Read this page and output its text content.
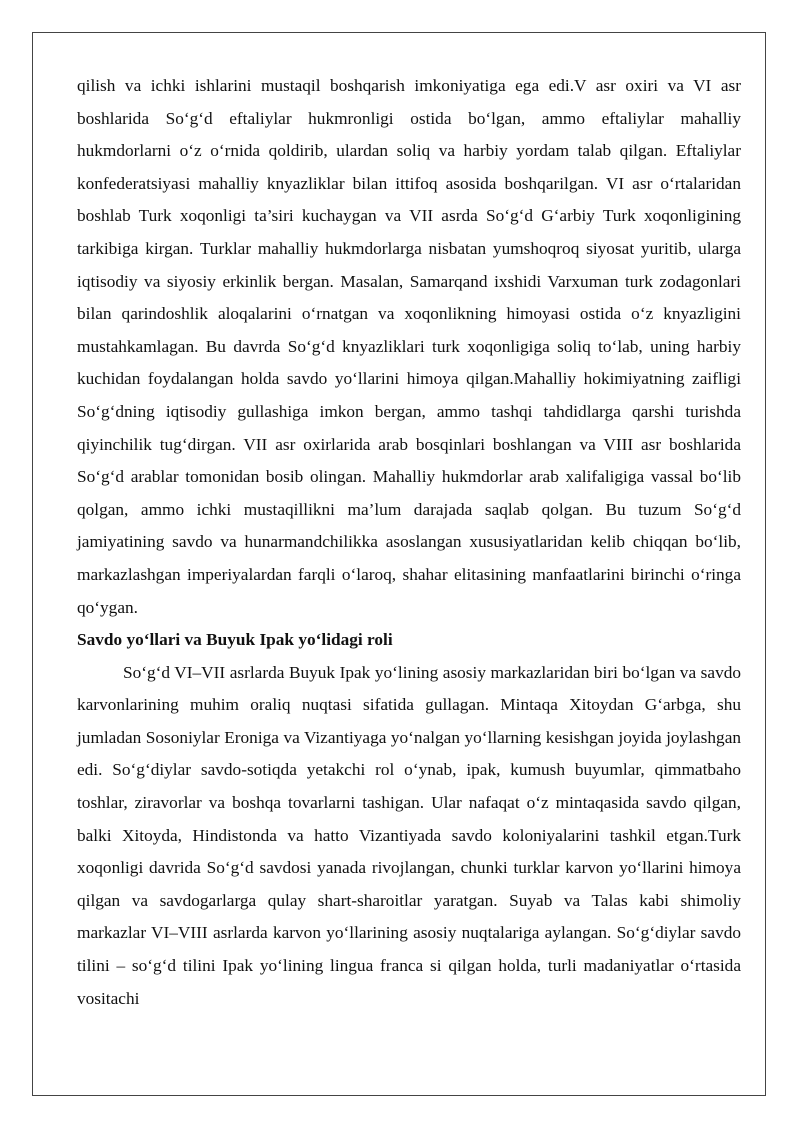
qilish va ichki ishlarini mustaqil boshqarish imkoniyatiga ega edi.V asr oxiri va VI asr boshlarida So‘g‘d eftaliylar hukmronligi ostida bo‘lgan, ammo eftaliylar mahalliy hukmdorlarni o‘z o‘rnida qoldirib, ulardan soliq va harbiy yordam talab qilgan. Eftaliylar konfederatsiyasi mahalliy knyazliklar bilan ittifoq asosida boshqarilgan. VI asr o‘rtalaridan boshlab Turk xoqonligi ta’siri kuchaygan va VII asrda So‘g‘d G‘arbiy Turk xoqonligining tarkibiga kirgan. Turklar mahalliy hukmdorlarga nisbatan yumshoqroq siyosat yuritib, ularga iqtisodiy va siyosiy erkinlik bergan. Masalan, Samarqand ixshidi Varxuman turk zodagonlari bilan qarindoshlik aloqalarini o‘rnatgan va xoqonlikning himoyasi ostida o‘z knyazligini mustahkamlagan. Bu davrda So‘g‘d knyazliklari turk xoqonligiga soliq to‘lab, uning harbiy kuchidan foydalangan holda savdo yo‘llarini himoya qilgan.Mahalliy hokimiyatning zaifligi So‘g‘dning iqtisodiy gullashiga imkon bergan, ammo tashqi tahdidlarga qarshi turishda qiyinchilik tug‘dirgan. VII asr oxirlarida arab bosqinlari boshlangan va VIII asr boshlarida So‘g‘d arablar tomonidan bosib olingan. Mahalliy hukmdorlar arab xalifaligiga vassal bo‘lib qolgan, ammo ichki mustaqillikni ma’lum darajada saqlab qolgan. Bu tuzum So‘g‘d jamiyatining savdo va hunarmandchilikka asoslangan xususiyatlaridan kelib chiqqan bo‘lib, markazlashgan imperiyalardan farqli o‘laroq, shahar elitasining manfaatlarini birinchi o‘ringa qo‘ygan.

Savdo yo‘llari va Buyuk Ipak yo‘lidagi roli

So‘g‘d VI–VII asrlarda Buyuk Ipak yo‘lining asosiy markazlaridan biri bo‘lgan va savdo karvonlarining muhim oraliq nuqtasi sifatida gullagan. Mintaqa Xitoydan G‘arbga, shu jumladan Sosoniylar Eroniga va Vizantiyaga yo‘nalgan yo‘llarning kesishgan joyida joylashgan edi. So‘g‘diylar savdo-sotiqda yetakchi rol o‘ynab, ipak, kumush buyumlar, qimmatbaho toshlar, ziravorlar va boshqa tovarlarni tashigan. Ular nafaqat o‘z mintaqasida savdo qilgan, balki Xitoyda, Hindistonda va hatto Vizantiyada savdo koloniyalarini tashkil etgan.Turk xoqonligi davrida So‘g‘d savdosi yanada rivojlangan, chunki turklar karvon yo‘llarini himoya qilgan va savdogarlarga qulay shart-sharoitlar yaratgan. Suyab va Talas kabi shimoliy markazlar VI–VIII asrlarda karvon yo‘llarining asosiy nuqtalariga aylangan. So‘g‘diylar savdo tilini – so‘g‘d tilini Ipak yo‘lining lingua franca si qilgan holda, turli madaniyatlar o‘rtasida vositachi
